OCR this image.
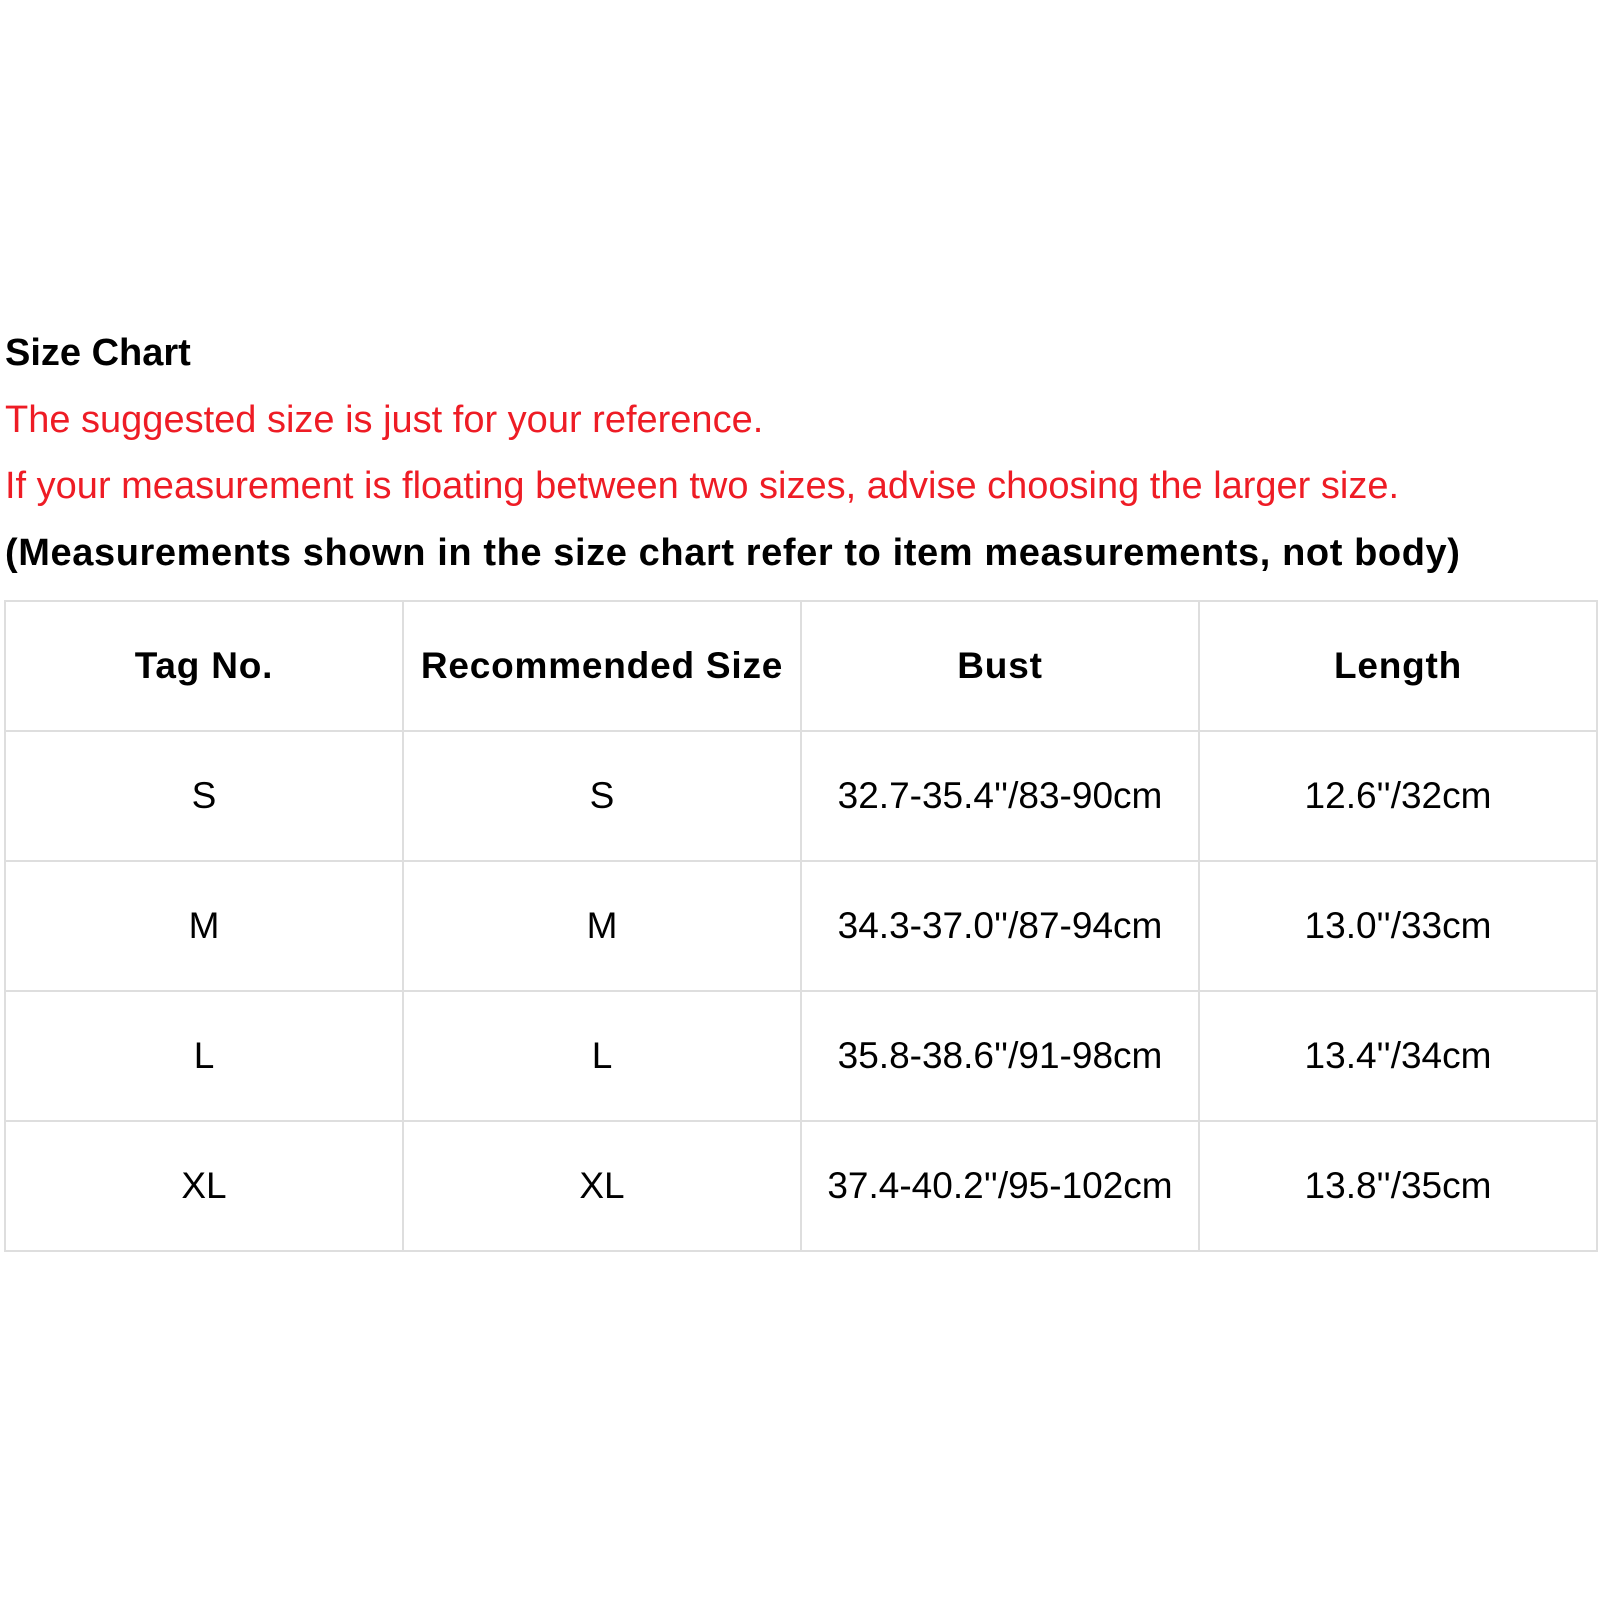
Size Chart
The suggested size is just for your reference.
If your measurement is floating between two sizes, advise choosing the larger size.
(Measurements shown in the size chart refer to item measurements, not body)
Tag No.	Recommended Size	Bust	Length
S	S	32.7-35.4''/83-90cm	12.6''/32cm
M	M	34.3-37.0''/87-94cm	13.0''/33cm
L	L	35.8-38.6''/91-98cm	13.4''/34cm
XL	XL	37.4-40.2''/95-102cm	13.8''/35cm
